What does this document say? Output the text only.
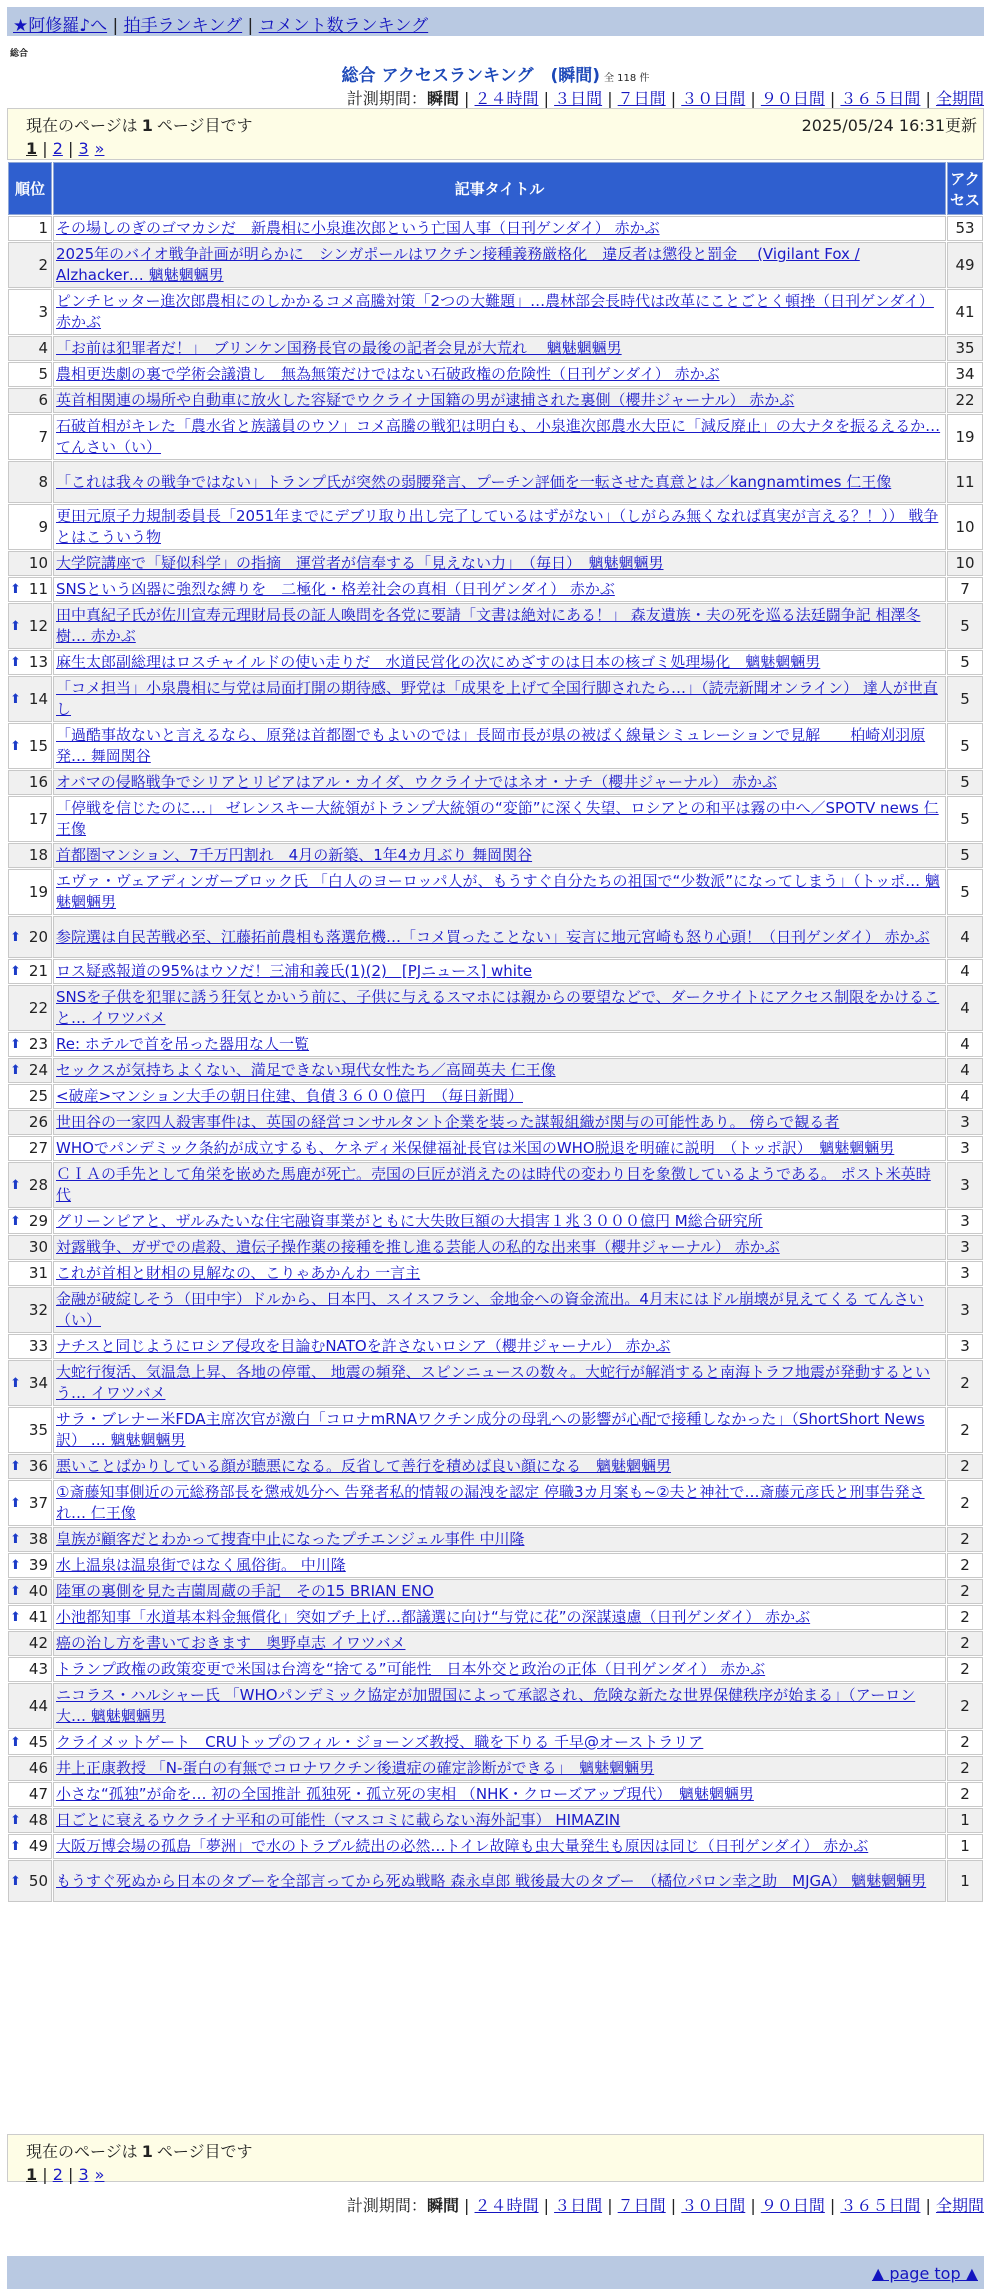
★阿修羅♪へ | 拍手ランキング | コメント数ランキング
総合
総合 アクセスランキング　(瞬間) 全 118 件
計測期間：瞬間 | ２４時間 | ３日間 | ７日間 | ３０日間 | ９０日間 | ３６５日間 | 全期間
現在のページは 1 ページ目です	2025/05/24 16:31更新
1 | 2 | 3 »
順位	記事タイトル	アクセス
1	その場しのぎのゴマカシだ　新農相に小泉進次郎という亡国人事（日刊ゲンダイ） 赤かぶ	53
2	2025年のバイオ戦争計画が明らかに　シンガポールはワクチン接種義務厳格化　違反者は懲役と罰金　 (Vigilant Fox / Alzhacker… 魑魅魍魎男	49
3	ピンチヒッター進次郎農相にのしかかるコメ高騰対策「2つの大難題」…農林部会長時代は改革にことごとく頓挫（日刊ゲンダイ） 赤かぶ	41
4	「お前は犯罪者だ！」　ブリンケン国務長官の最後の記者会見が大荒れ　 魑魅魍魎男	35
5	農相更迭劇の裏で学術会議潰し　無為無策だけではない石破政権の危険性（日刊ゲンダイ） 赤かぶ	34
6	英首相関連の場所や自動車に放火した容疑でウクライナ国籍の男が逮捕された裏側（櫻井ジャーナル） 赤かぶ	22
7	石破首相がキレた「農水省と族議員のウソ」コメ高騰の戦犯は明白も、小泉進次郎農水大臣に「減反廃止」の大ナタを振るえるか… てんさい（い）	19
8	「これは我々の戦争ではない」トランプ氏が突然の弱腰発言、プーチン評価を一転させた真意とは／kangnamtimes 仁王像	11
9	更田元原子力規制委員長「2051年までにデブリ取り出し完了しているはずがない」（しがらみ無くなれば真実が言える？！）） 戦争とはこういう物	10
10	大学院講座で「疑似科学」の指摘　運営者が信奉する「見えない力」　（毎日）　魑魅魍魎男	10

⬆ 11	SNSという凶器に強烈な縛りを　二極化・格差社会の真相（日刊ゲンダイ） 赤かぶ	7

⬆ 12	田中真紀子氏が佐川宣寿元理財局長の証人喚問を各党に要請「文書は絶対にある！」 森友遺族・夫の死を巡る法廷闘争記 相澤冬樹… 赤かぶ	5

⬆ 13	麻生太郎副総理はロスチャイルドの使い走りだ　水道民営化の次にめざすのは日本の核ゴミ処理場化　魑魅魍魎男	5

⬆ 14	「コメ担当」小泉農相に与党は局面打開の期待感、野党は「成果を上げて全国行脚されたら…」（読売新聞オンライン） 達人が世直し	5

⬆ 15	「過酷事故ないと言えるなら、原発は首都圏でもよいのでは」長岡市長が県の被ばく線量シミュレーションで見解　　柏崎刈羽原発… 舞岡関谷	5
16	オバマの侵略戦争でシリアとリビアはアル・カイダ、ウクライナではネオ・ナチ（櫻井ジャーナル） 赤かぶ	5
17	「停戦を信じたのに…」 ゼレンスキー大統領がトランプ大統領の“変節”に深く失望、ロシアとの和平は霧の中へ／SPOTV news 仁王像	5
18	首都圏マンション、7千万円割れ　4月の新築、1年4カ月ぶり 舞岡関谷	5
19	エヴァ・ヴェアディンガーブロック氏 「白人のヨーロッパ人が、もうすぐ自分たちの祖国で“少数派”になってしまう」（トッポ… 魑魅魍魎男	5

⬆ 20	参院選は自民苦戦必至、江藤拓前農相も落選危機…「コメ買ったことない」妄言に地元宮崎も怒り心頭！（日刊ゲンダイ） 赤かぶ	4

⬆ 21	ロス疑惑報道の95%はウソだ！三浦和義氏(1)(2)　[PJニュース] white	4
22	SNSを子供を犯罪に誘う狂気とかいう前に、子供に与えるスマホには親からの要望などで、ダークサイトにアクセス制限をかけること… イワツバメ	4

⬆ 23	Re: ホテルで首を吊った器用な人一覧	4

⬆ 24	セックスが気持ちよくない、満足できない現代女性たち／高岡英夫 仁王像	4
25	<破産>マンション大手の朝日住建、負債３６００億円　（毎日新聞）	4
26	世田谷の一家四人殺害事件は、英国の経営コンサルタント企業を装った謀報組織が関与の可能性あり。 傍らで観る者	3
27	WHOでパンデミック条約が成立するも、ケネディ米保健福祉長官は米国のWHO脱退を明確に説明　（トッポ訳）　魑魅魍魎男	3

⬆ 28	ＣＩＡの手先として角栄を嵌めた馬鹿が死亡。売国の巨匠が消えたのは時代の変わり目を象徴しているようである。 ポスト米英時代	3

⬆ 29	グリーンピアと、ザルみたいな住宅融資事業がともに大失敗巨額の大損害１兆３０００億円 M総合研究所	3
30	対露戦争、ガザでの虐殺、遺伝子操作薬の接種を推し進る芸能人の私的な出来事（櫻井ジャーナル） 赤かぶ	3
31	これが首相と財相の見解なの、こりゃあかんわ 一言主	3
32	金融が破綻しそう（田中宇）ドルから、日本円、スイスフラン、金地金への資金流出。4月末にはドル崩壊が見えてくる てんさい（い）	3
33	ナチスと同じようにロシア侵攻を目論むNATOを許さないロシア（櫻井ジャーナル） 赤かぶ	3

⬆ 34	大蛇行復活、気温急上昇、各地の停電、 地震の頻発、スピンニュースの数々。大蛇行が解消すると南海トラフ地震が発動するという… イワツバメ	2
35	サラ・ブレナー米FDA主席次官が激白「コロナmRNAワクチン成分の母乳への影響が心配で接種しなかった」（ShortShort News訳） … 魑魅魍魎男	2

⬆ 36	悪いことばかりしている顔が聴悪になる。反省して善行を積めば良い顔になる　魑魅魍魎男	2

⬆ 37	①斎藤知事側近の元総務部長を懲戒処分へ 告発者私的情報の漏洩を認定 停職3カ月案も~②夫と神社で…斎藤元彦氏と刑事告発され… 仁王像	2

⬆ 38	皇族が顧客だとわかって捜査中止になったプチエンジェル事件 中川隆	2

⬆ 39	水上温泉は温泉街ではなく風俗街。 中川隆	2

⬆ 40	陸軍の裏側を見た吉薗周蔵の手記　その15 BRIAN ENO	2

⬆ 41	小池都知事「水道基本料金無償化」突如ブチ上げ…都議選に向け“与党に花”の深謀遠慮（日刊ゲンダイ） 赤かぶ	2
42	癌の治し方を書いておきます　奥野卓志 イワツバメ	2
43	トランプ政権の政策変更で米国は台湾を“捨てる”可能性　日本外交と政治の正体（日刊ゲンダイ） 赤かぶ	2
44	ニコラス・ハルシャー氏 「WHOパンデミック協定が加盟国によって承認され、危険な新たな世界保健秩序が始まる」（アーロン大… 魑魅魍魎男	2

⬆ 45	クライメットゲート　CRUトップのフィル・ジョーンズ教授、職を下りる 千早@オーストラリア	2
46	井上正康教授 「N-蛋白の有無でコロナワクチン後遺症の確定診断ができる」　魑魅魍魎男	2
47	小さな“孤独”が命を… 初の全国推計 孤独死・孤立死の実相 （NHK・クローズアップ現代）　魑魅魍魎男	2

⬆ 48	日ごとに衰えるウクライナ平和の可能性（マスコミに載らない海外記事） HIMAZIN	1

⬆ 49	大阪万博会場の孤島「夢洲」で水のトラブル続出の必然…トイレ故障も虫大量発生も原因は同じ（日刊ゲンダイ） 赤かぶ	1

⬆ 50	もうすぐ死ぬから日本のタブーを全部言ってから死ぬ戦略 森永卓郎 戦後最大のタブー　（橘位パロン幸之助　MJGA） 魑魅魍魎男	1
現在のページは 1 ページ目です
1 | 2 | 3 »
計測期間：瞬間 | ２４時間 | ３日間 | ７日間 | ３０日間 | ９０日間 | ３６５日間 | 全期間
▲ page top ▲
